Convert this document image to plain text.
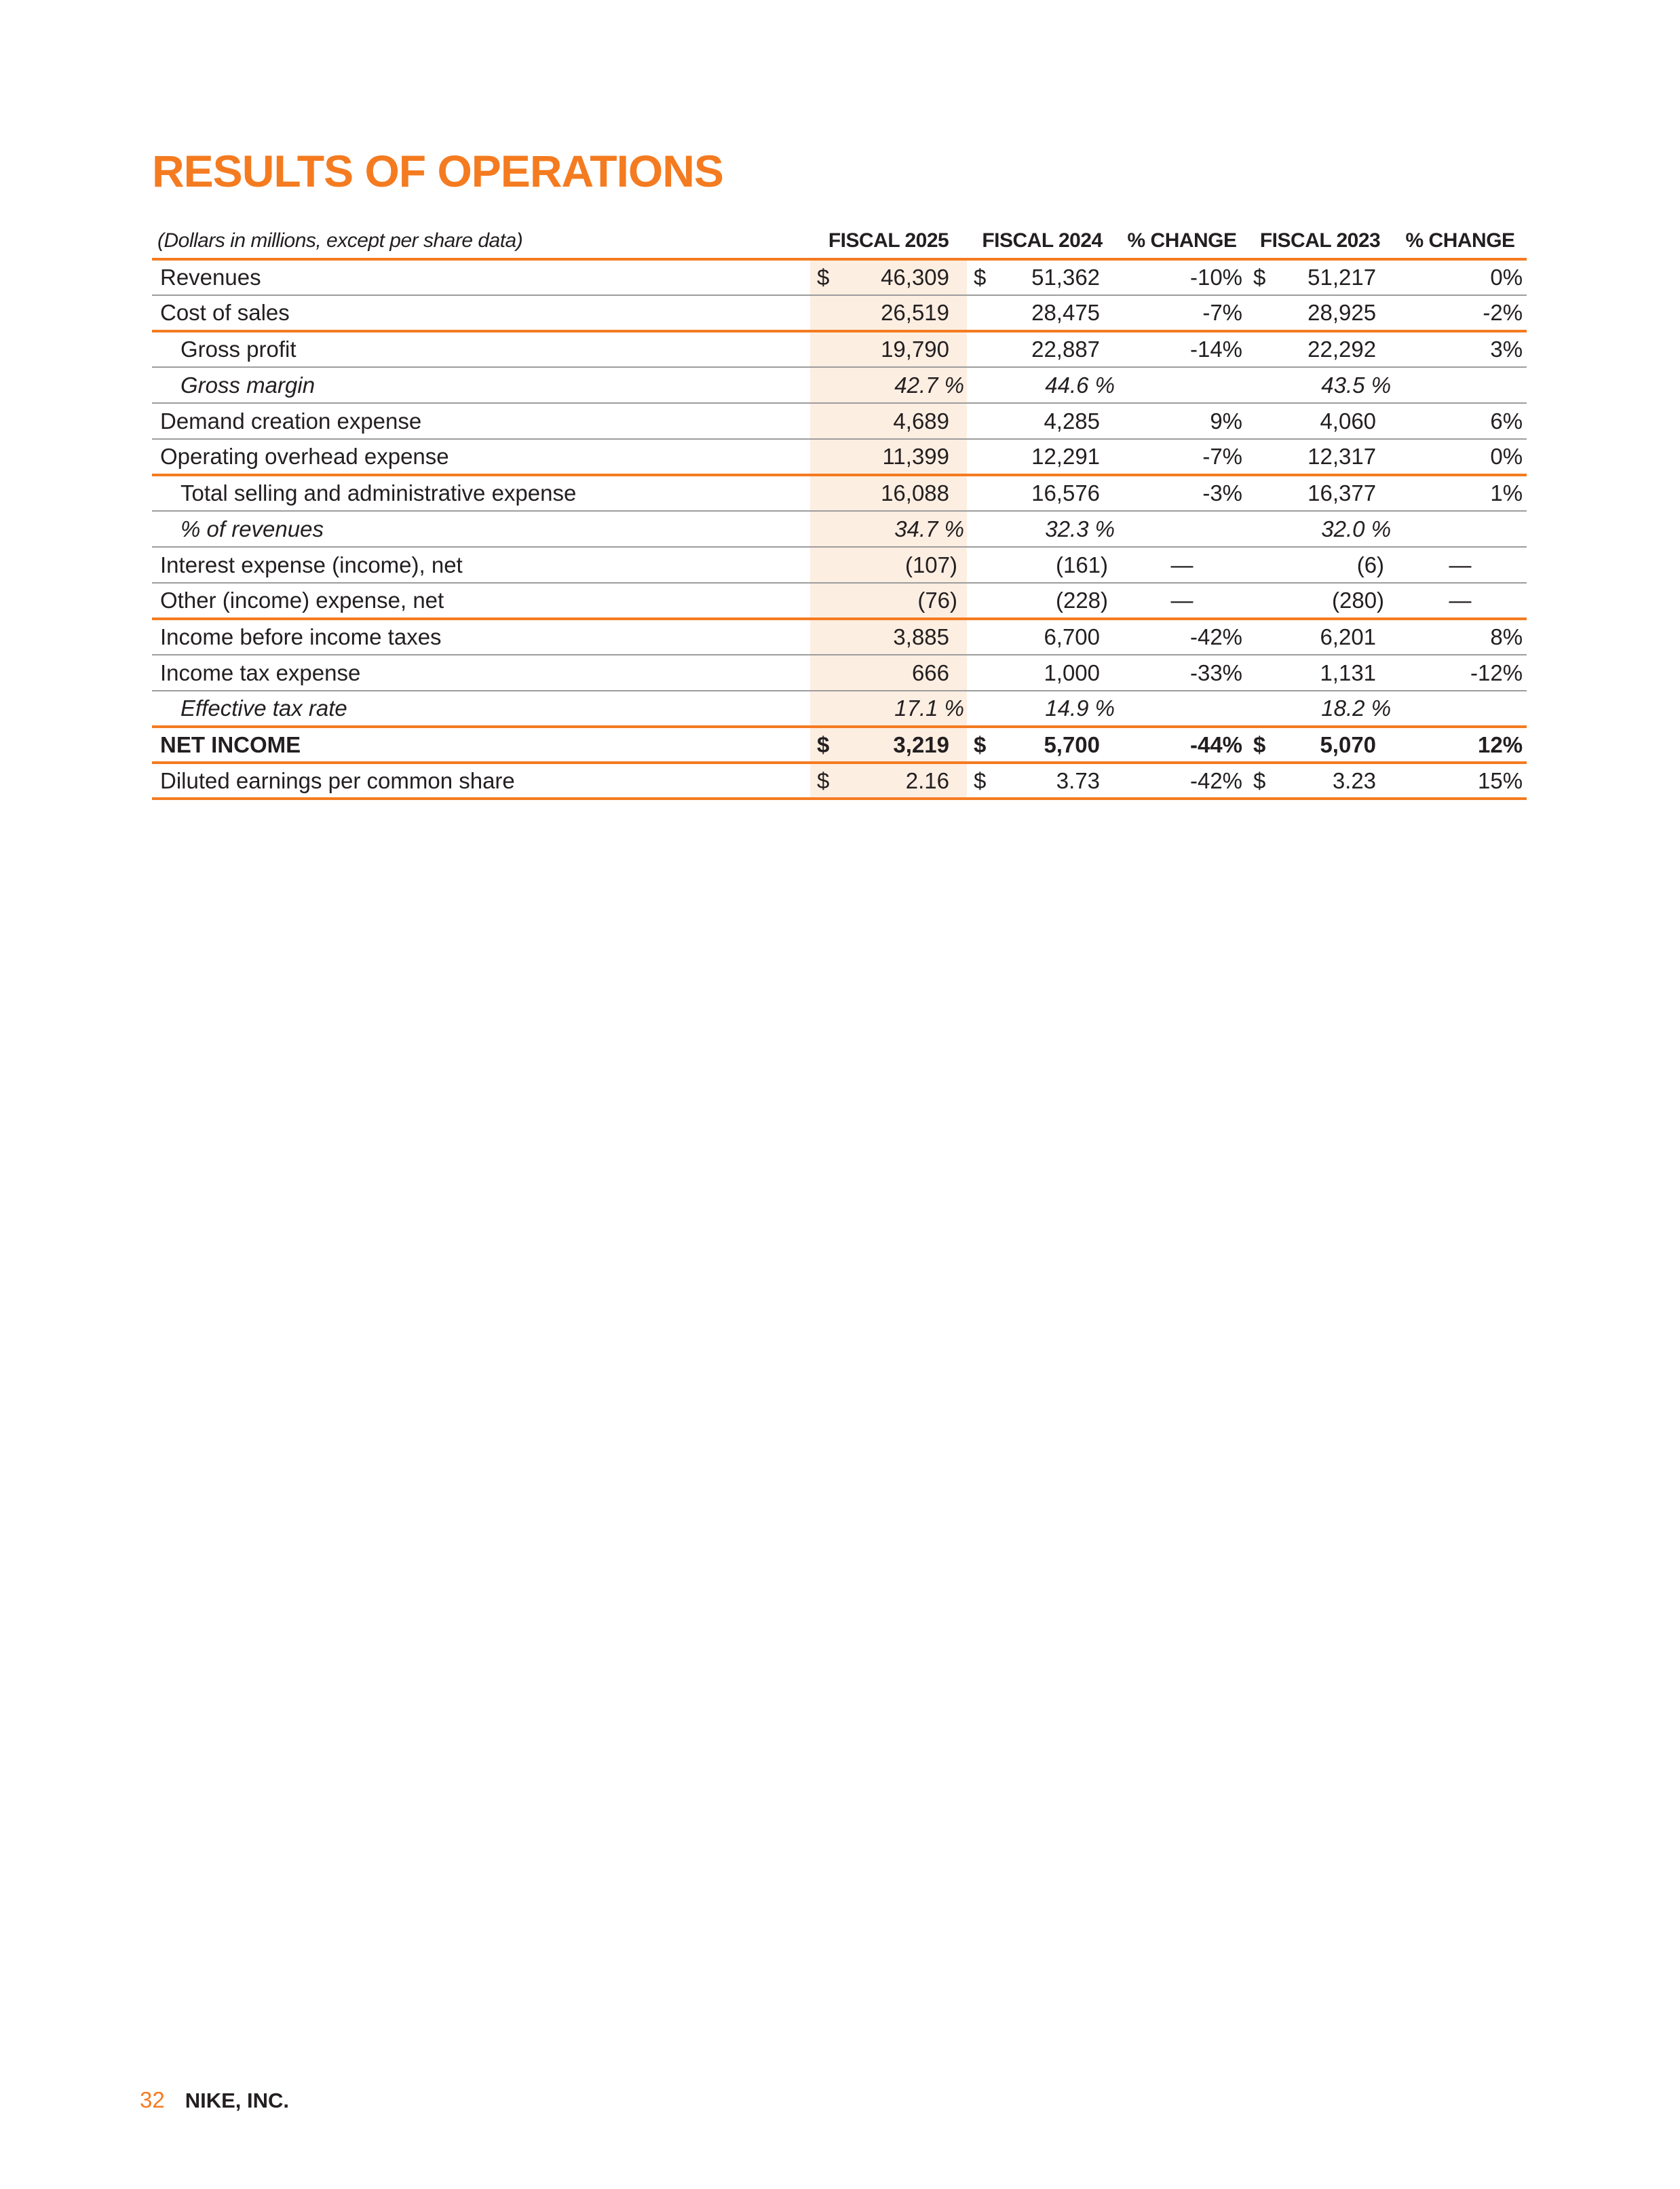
RESULTS OF OPERATIONS
(Dollars in millions, except per share data)	FISCAL 2025		FISCAL 2024		% CHANGE	FISCAL 2023		% CHANGE
Revenues	$	46,309	$	51,362	-10%	$	51,217	0%
Cost of sales		26,519		28,475	-7%		28,925	-2%
Gross profit		19,790		22,887	-14%		22,292	3%
Gross margin		42.7 %		44.6 %			43.5 %	
Demand creation expense		4,689		4,285	9%		4,060	6%
Operating overhead expense		11,399		12,291	-7%		12,317	0%
Total selling and administrative expense		16,088		16,576	-3%		16,377	1%
% of revenues		34.7 %		32.3 %			32.0 %	
Interest expense (income), net		(107)		(161)	—		(6)	—
Other (income) expense, net		(76)		(228)	—		(280)	—
Income before income taxes		3,885		6,700	-42%		6,201	8%
Income tax expense		666		1,000	-33%		1,131	-12%
Effective tax rate		17.1 %		14.9 %			18.2 %	
NET INCOME	$	3,219	$	5,700	-44%	$	5,070	12%
Diluted earnings per common share	$	2.16	$	3.73	-42%	$	3.23	15%
32 NIKE, INC.
